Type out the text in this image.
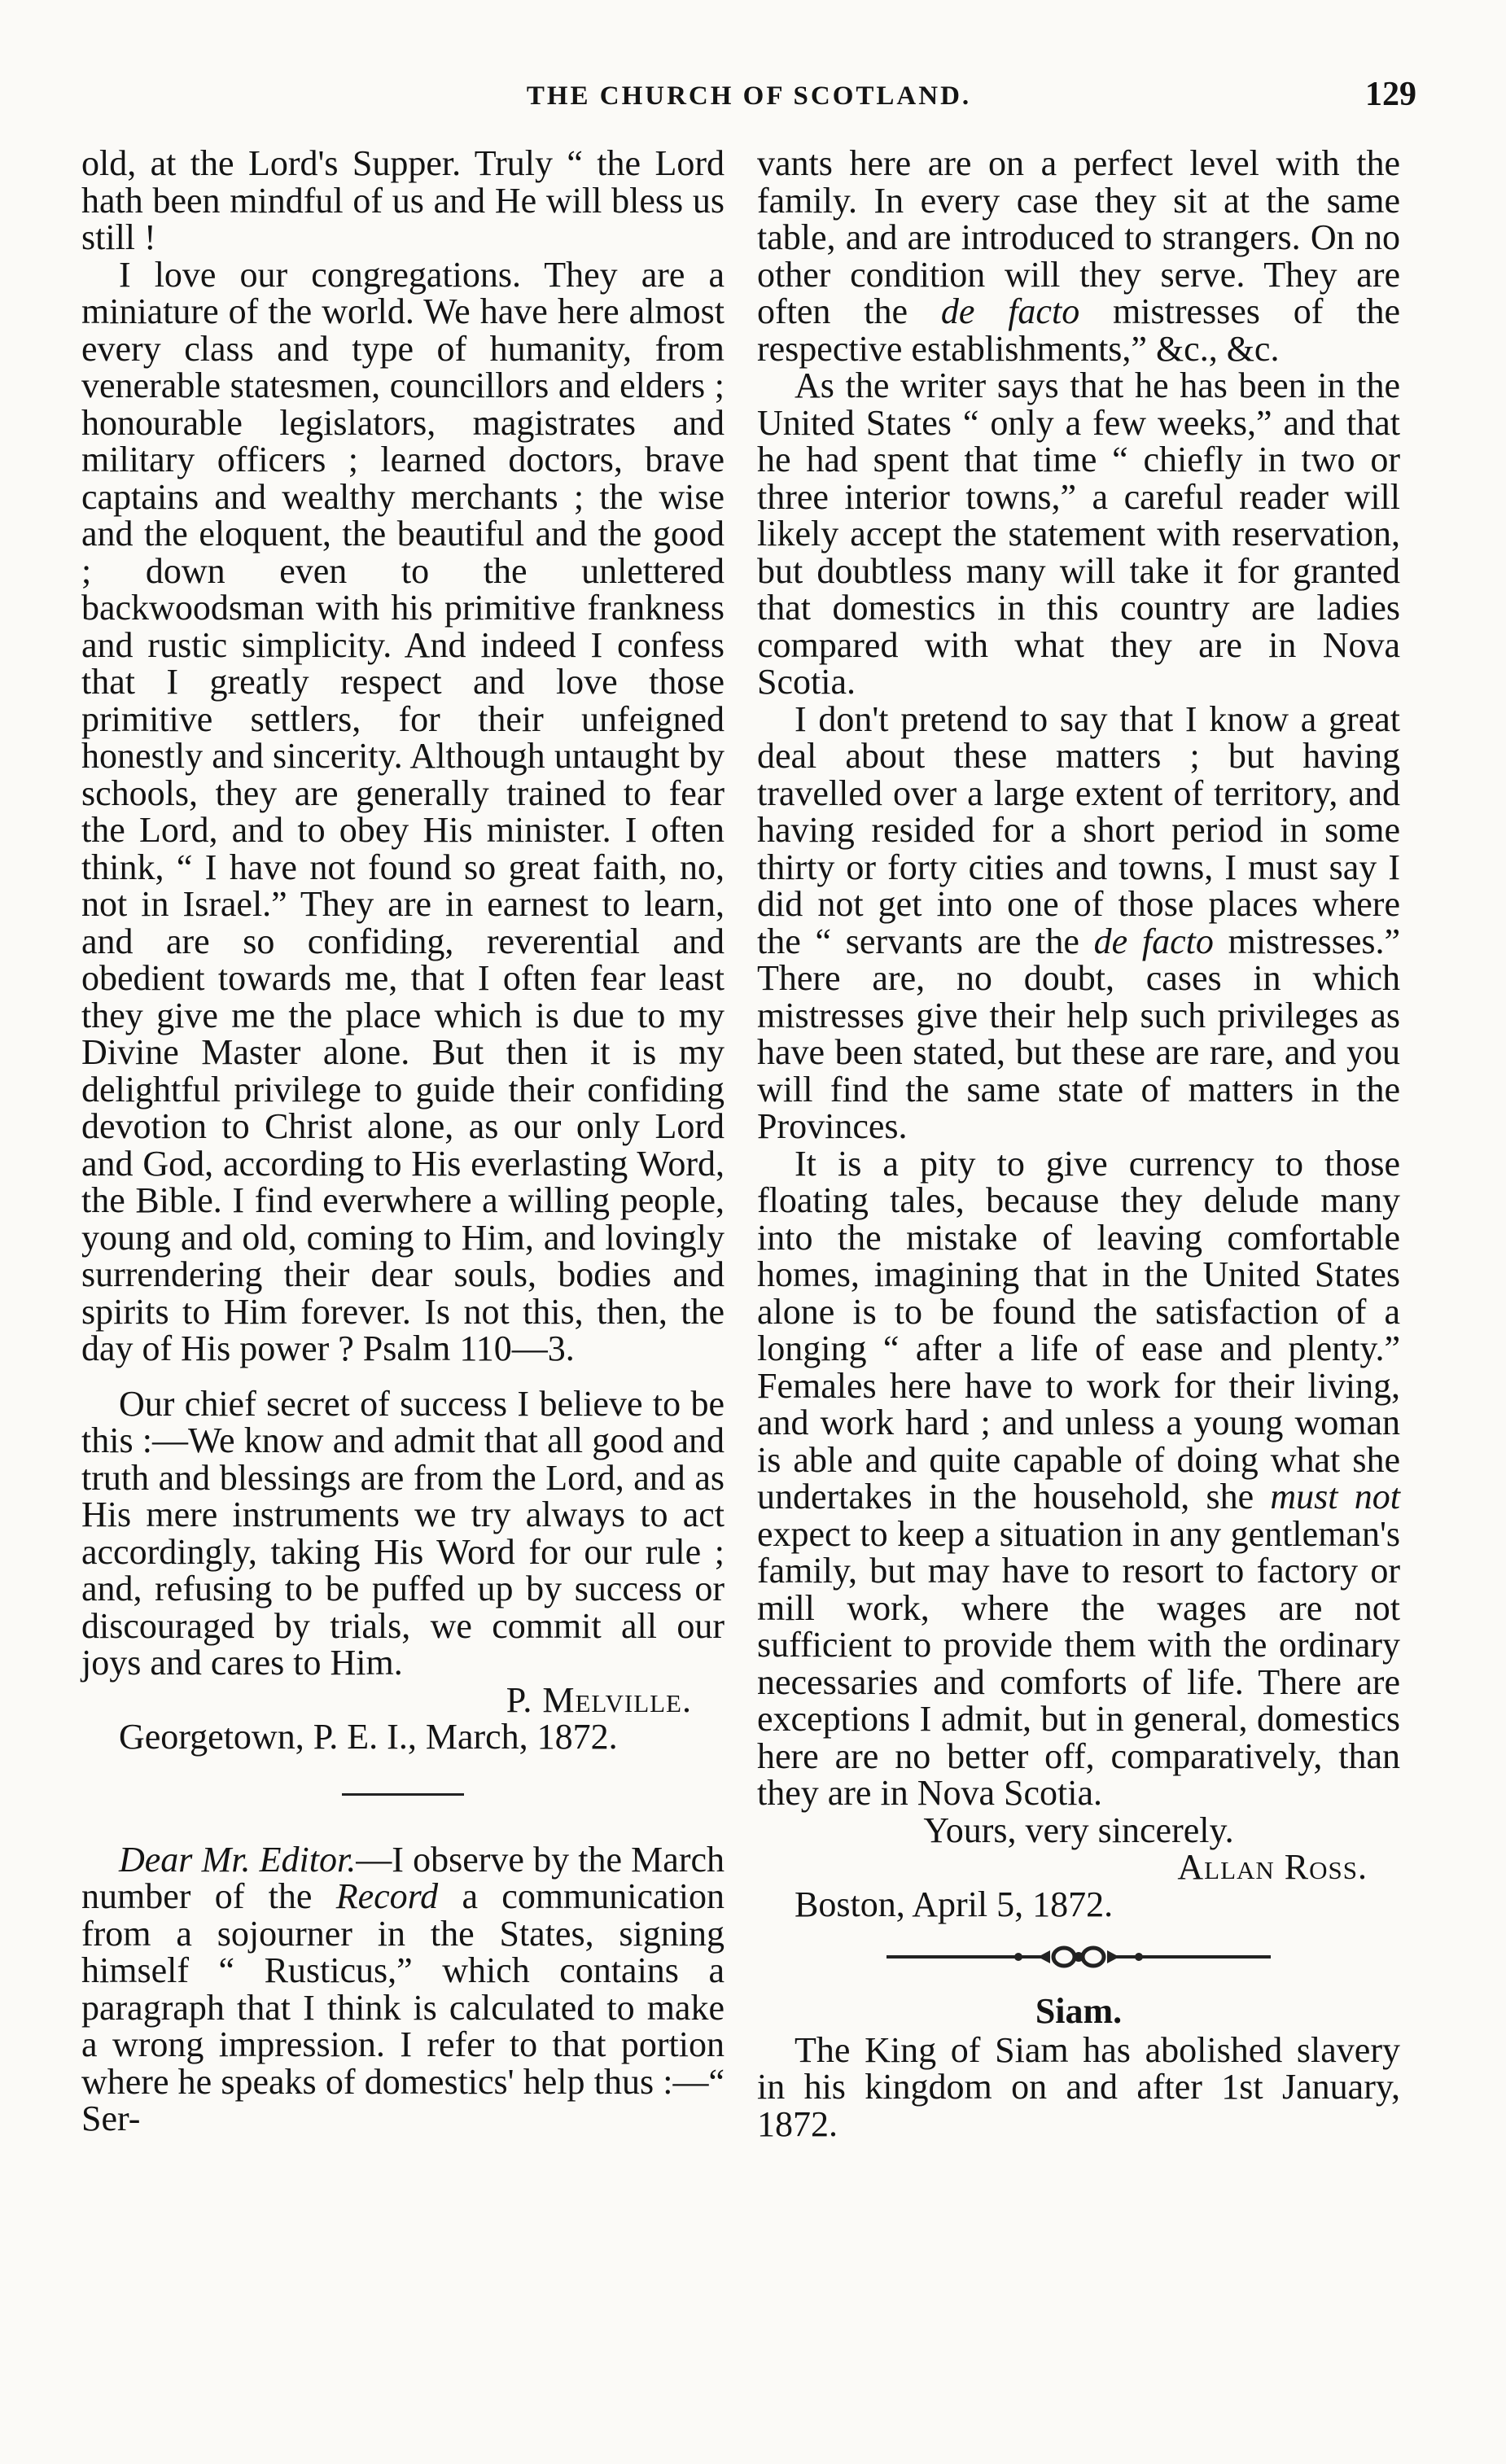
THE CHURCH OF SCOTLAND.	129

old, at the Lord's Supper. Truly “ the Lord hath been mindful of us and He will bless us still !

I love our congregations. They are a miniature of the world. We have here almost every class and type of humanity, from venerable statesmen, councillors and elders ; honourable legislators, magistrates and military officers ; learned doctors, brave captains and wealthy merchants ; the wise and the eloquent, the beautiful and the good ; down even to the unlettered backwoodsman with his primitive frankness and rustic simplicity. And indeed I confess that I greatly respect and love those primitive settlers, for their unfeigned honestly and sincerity. Although untaught by schools, they are generally trained to fear the Lord, and to obey His minister. I often think, “ I have not found so great faith, no, not in Israel.” They are in earnest to learn, and are so confiding, reverential and obedient towards me, that I often fear least they give me the place which is due to my Divine Master alone. But then it is my delightful privilege to guide their confiding devotion to Christ alone, as our only Lord and God, according to His everlasting Word, the Bible. I find everwhere a willing people, young and old, coming to Him, and lovingly surrendering their dear souls, bodies and spirits to Him forever. Is not this, then, the day of His power ? Psalm 110—3.

Our chief secret of success I believe to be this :—We know and admit that all good and truth and blessings are from the Lord, and as His mere instruments we try always to act accordingly, taking His Word for our rule ; and, refusing to be puffed up by success or discouraged by trials, we commit all our joys and cares to Him.

P. Melville.

Georgetown, P. E. I., March, 1872.

Dear Mr. Editor.—I observe by the March number of the Record a communication from a sojourner in the States, signing himself “ Rusticus,” which contains a paragraph that I think is calculated to make a wrong impression. I refer to that portion where he speaks of domestics' help thus :—“ Ser-

vants here are on a perfect level with the family. In every case they sit at the same table, and are introduced to strangers. On no other condition will they serve. They are often the de facto mistresses of the respective establishments,” &c., &c.

As the writer says that he has been in the United States “ only a few weeks,” and that he had spent that time “ chiefly in two or three interior towns,” a careful reader will likely accept the statement with reservation, but doubtless many will take it for granted that domestics in this country are ladies compared with what they are in Nova Scotia.

I don't pretend to say that I know a great deal about these matters ; but having travelled over a large extent of territory, and having resided for a short period in some thirty or forty cities and towns, I must say I did not get into one of those places where the “ servants are the de facto mistresses.” There are, no doubt, cases in which mistresses give their help such privileges as have been stated, but these are rare, and you will find the same state of matters in the Provinces.

It is a pity to give currency to those floating tales, because they delude many into the mistake of leaving comfortable homes, imagining that in the United States alone is to be found the satisfaction of a longing “ after a life of ease and plenty.” Females here have to work for their living, and work hard ; and unless a young woman is able and quite capable of doing what she undertakes in the household, she must not expect to keep a situation in any gentleman's family, but may have to resort to factory or mill work, where the wages are not sufficient to provide them with the ordinary necessaries and comforts of life. There are exceptions I admit, but in general, domestics here are no better off, comparatively, than they are in Nova Scotia.

Yours, very sincerely.

Allan Ross.

Boston, April 5, 1872.

Siam.

The King of Siam has abolished slavery in his kingdom on and after 1st January, 1872.
